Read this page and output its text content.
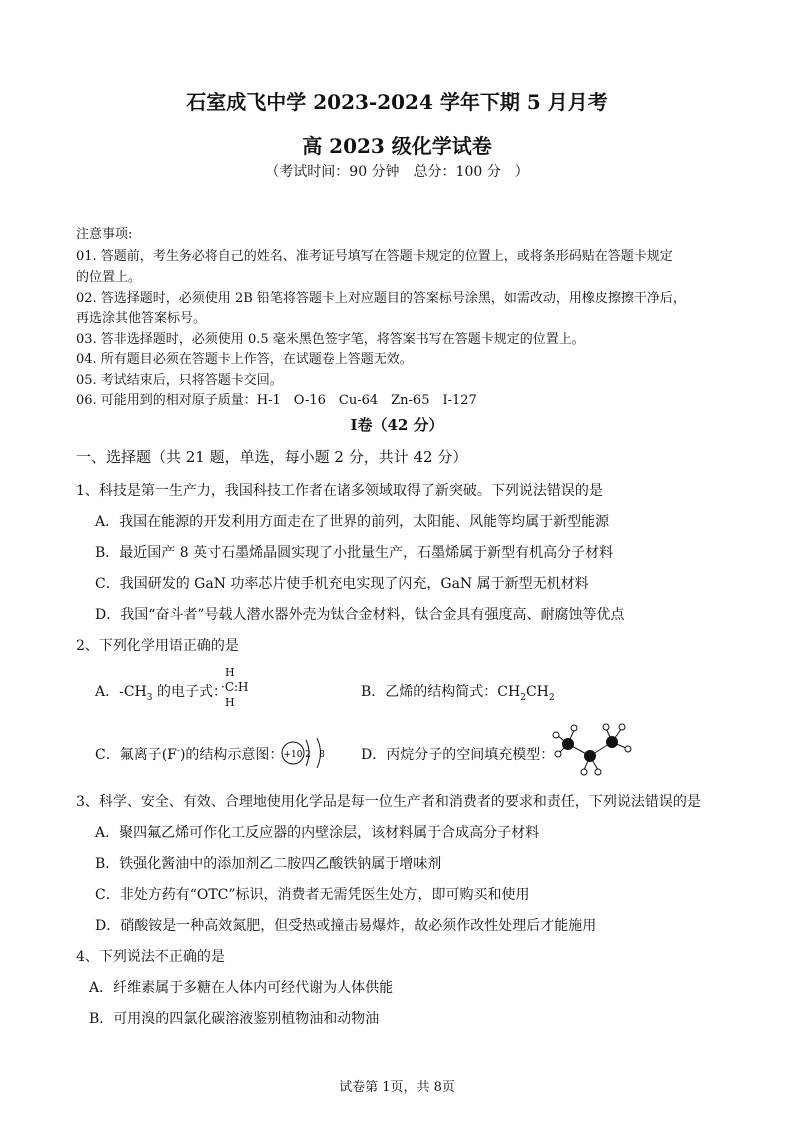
石室成飞中学 2023-2024 学年下期 5 月月考
高 2023 级化学试卷
（考试时间：90 分钟　总分：100 分　）
注意事项:
01. 答题前，考生务必将自己的姓名、准考证号填写在答题卡规定的位置上，或将条形码贴在答题卡规定
的位置上。
02. 答选择题时，必须使用 2B 铅笔将答题卡上对应题目的答案标号涂黑，如需改动，用橡皮擦擦干净后，
再选涂其他答案标号。
03. 答非选择题时，必须使用 0.5 毫米黑色签字笔，将答案书写在答题卡规定的位置上。
04. 所有题目必须在答题卡上作答，在试题卷上答题无效。
05. 考试结束后，只将答题卡交回。
06. 可能用到的相对原子质量：H-1　O-16　Cu-64　Zn-65　I-127
Ⅰ卷（42 分）
一、选择题（共 21 题，单选，每小题 2 分，共计 42 分）
1、科技是第一生产力，我国科技工作者在诸多领域取得了新突破。下列说法错误的是
A．我国在能源的开发利用方面走在了世界的前列，太阳能、风能等均属于新型能源
B．最近国产 8 英寸石墨烯晶圆实现了小批量生产，石墨烯属于新型有机高分子材料
C．我国研发的 GaN 功率芯片使手机充电实现了闪充，GaN 属于新型无机材料
D．我国“奋斗者”号载人潜水器外壳为钛合金材料，钛合金具有强度高、耐腐蚀等优点
2、下列化学用语正确的是
A．$-CH_3$ 的电子式：
H
·C:H
H
B．乙烯的结构简式：$CH_2CH_2$
C．氟离子(F-)的结构示意图： +10 2 8	D．丙烷分子的空间填充模型：
3、科学、安全、有效、合理地使用化学品是每一位生产者和消费者的要求和责任，下列说法错误的是
A．聚四氟乙烯可作化工反应器的内壁涂层，该材料属于合成高分子材料
B．铁强化酱油中的添加剂乙二胺四乙酸铁钠属于增味剂
C．非处方药有“OTC”标识，消费者无需凭医生处方，即可购买和使用
D．硝酸铵是一种高效氮肥，但受热或撞击易爆炸，故必须作改性处理后才能施用
4、下列说法不正确的是
A．纤维素属于多糖在人体内可经代谢为人体供能
B．可用溴的四氯化碳溶液鉴别植物油和动物油
试卷第 1页，共 8页
